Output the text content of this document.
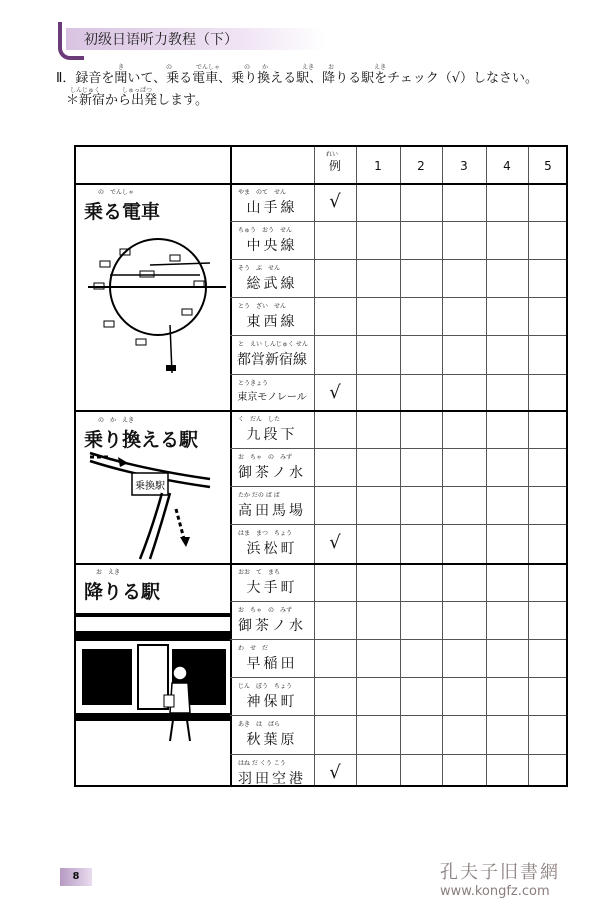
初级日语听力教程（下）
き	の	でんしゃ	の か	えき お	えき
Ⅱ．録音を聞いて、乗る電車、乗り換える駅、降りる駅をチェック（√）しなさい。
しんじゅく	しゅっぱつ
＊新宿から出発します。
れい
例	1	2	3	4	5
の　でんしゃ
乗る電車
の　か　えき
乗り換える駅
乗換駅
お　えき
降りる駅
やま　のて　せん
山手線	√
ちゅう　おう　せん
中央線
そう　ぶ　せん
総武線
とう　ざい　せん
東西線
と　えい しんじゅく せん
都営新宿線
とうきょう
東京モノレール	√
く　だん　した
九段下
お　ちゃ　の　みず
御茶ノ水
たか だの ば ば
高田馬場
はま　まつ　ちょう
浜松町	√
おお　て　まち
大手町
お　ちゃ　の　みず
御茶ノ水
わ　せ　だ
早稲田
じん　ぼう　ちょう
神保町
あき　は　ばら
秋葉原
はね だ くう こう
羽田空港	√
8	孔夫子旧書網
www.kongfz.com
